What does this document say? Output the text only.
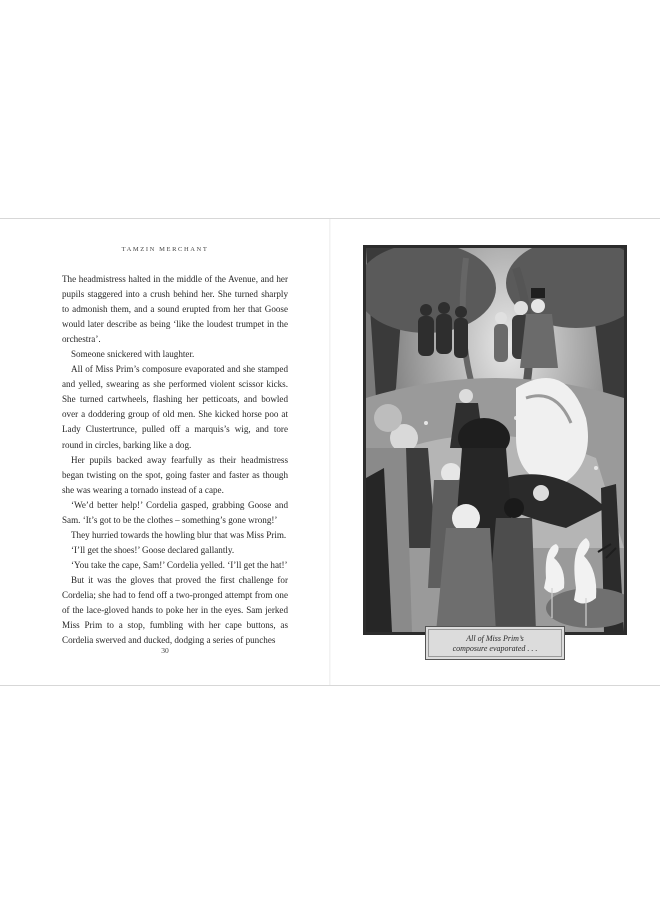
TAMZIN MERCHANT

The headmistress halted in the middle of the Avenue, and her pupils staggered into a crush behind her. She turned sharply to admonish them, and a sound erupted from her that Goose would later describe as being ‘like the loudest trumpet in the orchestra’.

Someone snickered with laughter.

All of Miss Prim’s composure evaporated and she stamped and yelled, swearing as she performed violent scissor kicks. She turned cartwheels, flashing her petticoats, and bowled over a doddering group of old men. She kicked horse poo at Lady Clustertrunce, pulled off a marquis’s wig, and tore round in circles, barking like a dog.

Her pupils backed away fearfully as their headmistress began twisting on the spot, going faster and faster as though she was wearing a tornado instead of a cape.

‘We’d better help!’ Cordelia gasped, grabbing Goose and Sam. ‘It’s got to be the clothes – something’s gone wrong!’

They hurried towards the howling blur that was Miss Prim.

‘I’ll get the shoes!’ Goose declared gallantly.

‘You take the cape, Sam!’ Cordelia yelled. ‘I’ll get the hat!’

But it was the gloves that proved the first challenge for Cordelia; she had to fend off a two-pronged attempt from one of the lace-gloved hands to poke her in the eyes. Sam jerked Miss Prim to a stop, fumbling with her cape buttons, as Cordelia swerved and ducked, dodging a series of punches

30
All of Miss Prim’s
composure evaporated . . .
